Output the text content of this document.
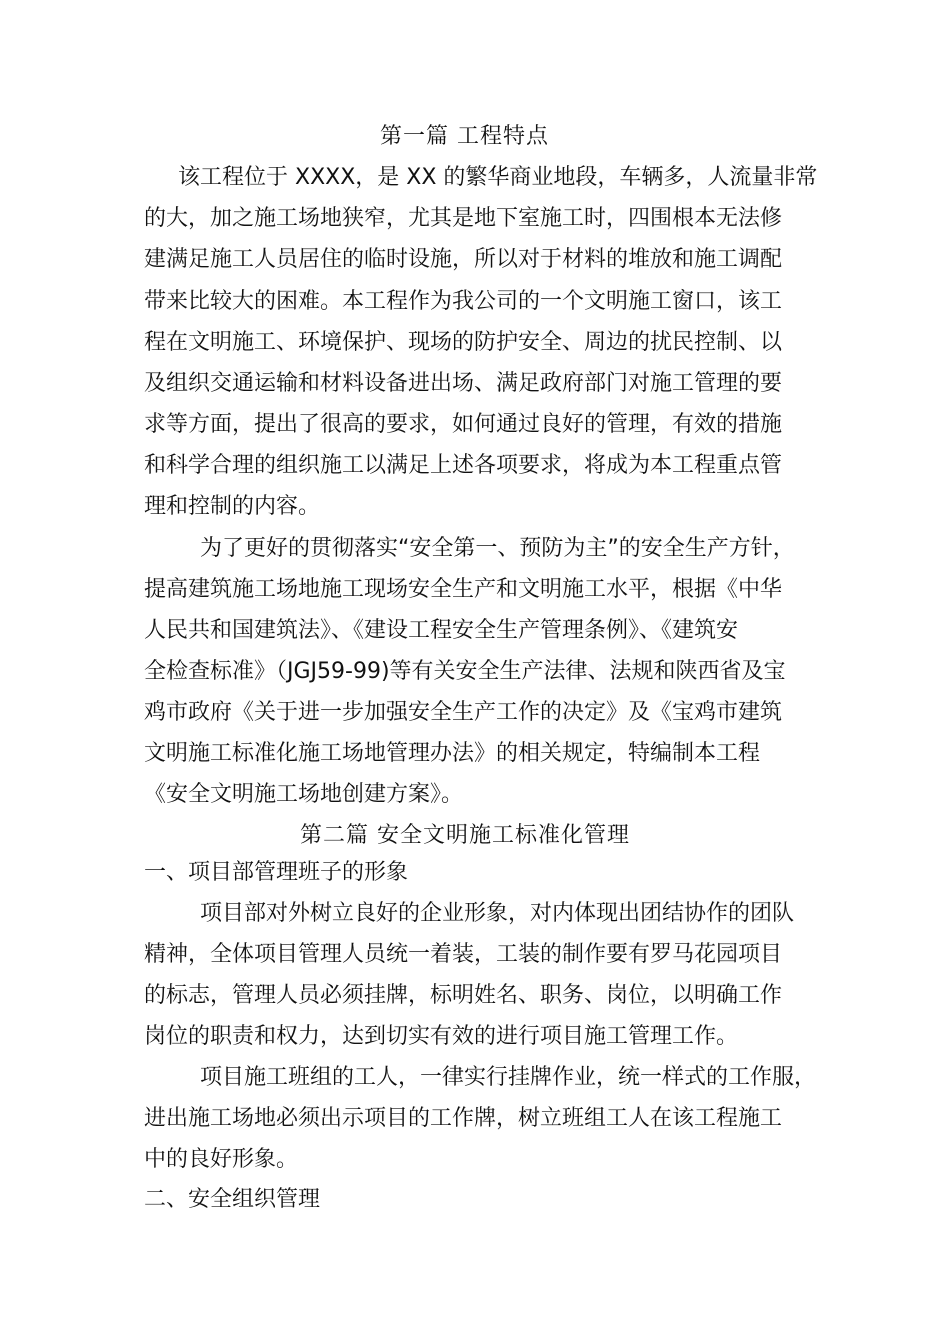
第一篇 工程特点
该工程位于 XXXX，是 XX 的繁华商业地段，车辆多，人流量非常
的大，加之施工场地狭窄，尤其是地下室施工时，四围根本无法修
建满足施工人员居住的临时设施，所以对于材料的堆放和施工调配
带来比较大的困难。本工程作为我公司的一个文明施工窗口，该工
程在文明施工、环境保护、现场的防护安全、周边的扰民控制、以
及组织交通运输和材料设备进出场、满足政府部门对施工管理的要
求等方面，提出了很高的要求，如何通过良好的管理，有效的措施
和科学合理的组织施工以满足上述各项要求，将成为本工程重点管
理和控制的内容。
为了更好的贯彻落实“安全第一、预防为主”的安全生产方针，
提高建筑施工场地施工现场安全生产和文明施工水平，根据《中华
人民共和国建筑法》、《建设工程安全生产管理条例》、《建筑安
全检查标准》（JGJ59-99)等有关安全生产法律、法规和陕西省及宝
鸡市政府《关于进一步加强安全生产工作的决定》及《宝鸡市建筑
文明施工标准化施工场地管理办法》的相关规定，特编制本工程
《安全文明施工场地创建方案》。
第二篇 安全文明施工标准化管理
一、项目部管理班子的形象
项目部对外树立良好的企业形象，对内体现出团结协作的团队
精神，全体项目管理人员统一着装，工装的制作要有罗马花园项目
的标志，管理人员必须挂牌，标明姓名、职务、岗位，以明确工作
岗位的职责和权力，达到切实有效的进行项目施工管理工作。
项目施工班组的工人，一律实行挂牌作业，统一样式的工作服，
进出施工场地必须出示项目的工作牌，树立班组工人在该工程施工
中的良好形象。
二、安全组织管理
